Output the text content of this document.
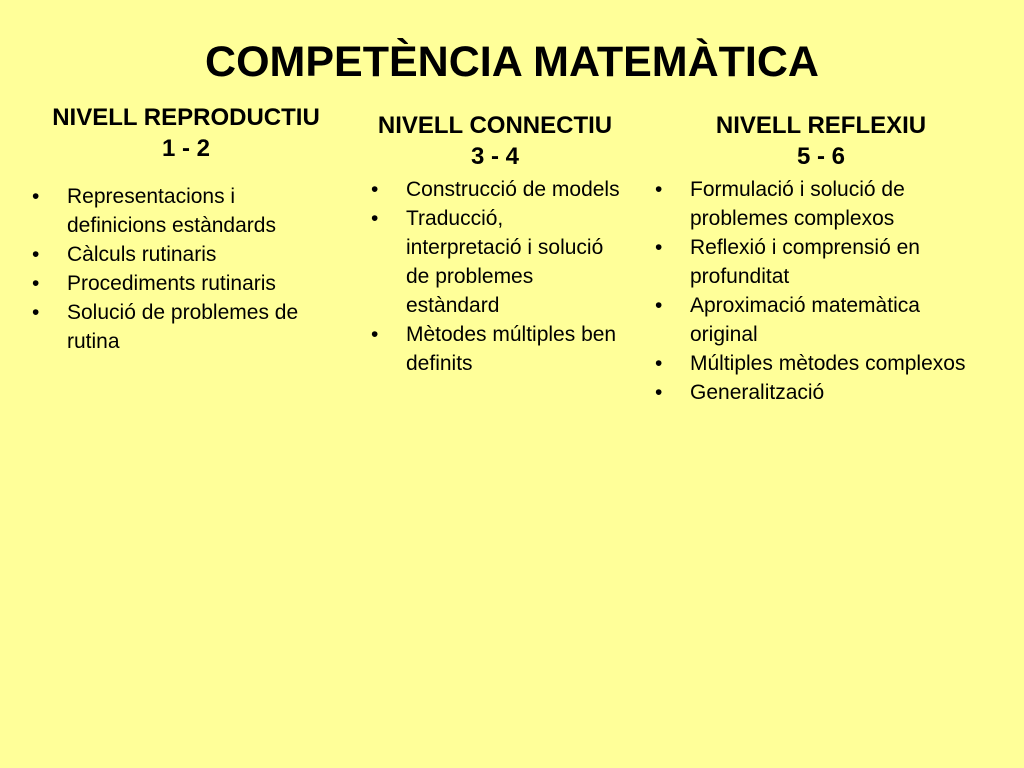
COMPETÈNCIA MATEMÀTICA
NIVELL REPRODUCTIU
1 - 2
• Representacions i definicions estàndards
• Càlculs rutinaris
• Procediments rutinaris
• Solució de problemes de rutina
NIVELL CONNECTIU
3 - 4
• Construcció de models
• Traducció, interpretació i solució de problemes estàndard
• Mètodes múltiples ben definits
NIVELL REFLEXIU
5 - 6
• Formulació i solució de problemes complexos
• Reflexió i comprensió en profunditat
• Aproximació matemàtica original
• Múltiples mètodes complexos
• Generalització
